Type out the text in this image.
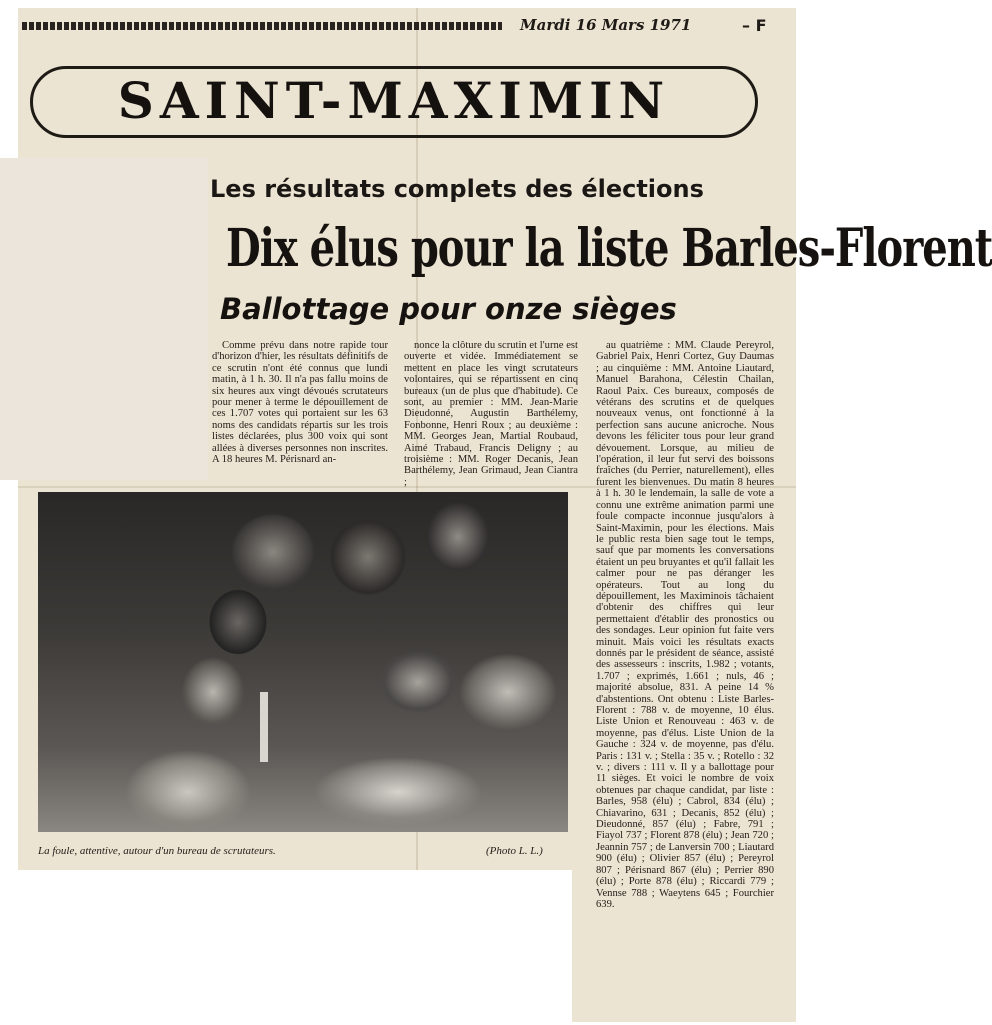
Mardi 16 Mars 1971	– F
SAINT-MAXIMIN
Les résultats complets des élections
Dix élus pour la liste Barles-Florent
Ballottage pour onze sièges

Comme prévu dans notre rapide tour d'horizon d'hier, les résultats définitifs de ce scrutin n'ont été connus que lundi matin, à 1 h. 30. Il n'a pas fallu moins de six heures aux vingt dévoués scrutateurs pour mener à terme le dépouillement de ces 1.707 votes qui portaient sur les 63 noms des candidats répartis sur les trois listes déclarées, plus 300 voix qui sont allées à diverses personnes non inscrites. A 18 heures M. Périsnard an-

nonce la clôture du scrutin et l'urne est ouverte et vidée. Immédiatement se mettent en place les vingt scrutateurs volontaires, qui se répartissent en cinq bureaux (un de plus que d'habitude). Ce sont, au premier : MM. Jean-Marie Dieudonné, Augustin Barthélemy, Fonbonne, Henri Roux ; au deuxième : MM. Georges Jean, Martial Roubaud, Aimé Trabaud, Francis Deligny ; au troisième : MM. Roger Decanis, Jean Barthélemy, Jean Grimaud, Jean Ciantra ;

au quatrième : MM. Claude Pereyrol, Gabriel Paix, Henri Cortez, Guy Daumas ; au cinquième : MM. Antoine Liautard, Manuel Barahona, Célestin Chailan, Raoul Paix. Ces bureaux, composés de vétérans des scrutins et de quelques nouveaux venus, ont fonctionné à la perfection sans aucune anicroche. Nous devons les féliciter tous pour leur grand dévouement. Lorsque, au milieu de l'opération, il leur fut servi des boissons fraîches (du Perrier, naturellement), elles furent les bienvenues. Du matin 8 heures à 1 h. 30 le lendemain, la salle de vote a connu une extrême animation parmi une foule compacte inconnue jusqu'alors à Saint-Maximin, pour les élections. Mais le public resta bien sage tout le temps, sauf que par moments les conversations étaient un peu bruyantes et qu'il fallait les calmer pour ne pas déranger les opérateurs. Tout au long du dépouillement, les Maximinois tâchaient d'obtenir des chiffres qui leur permettaient d'établir des pronostics ou des sondages. Leur opinion fut faite vers minuit. Mais voici les résultats exacts donnés par le président de séance, assisté des assesseurs : inscrits, 1.982 ; votants, 1.707 ; exprimés, 1.661 ; nuls, 46 ; majorité absolue, 831. A peine 14 % d'abstentions. Ont obtenu : Liste Barles-Florent : 788 v. de moyenne, 10 élus. Liste Union et Renouveau : 463 v. de moyenne, pas d'élus. Liste Union de la Gauche : 324 v. de moyenne, pas d'élu. Paris : 131 v. ; Stella : 35 v. ; Rotello : 32 v. ; divers : 111 v. Il y a ballottage pour 11 sièges. Et voici le nombre de voix obtenues par chaque candidat, par liste : Barles, 958 (élu) ; Cabrol, 834 (élu) ; Chiavarino, 631 ; Decanis, 852 (élu) ; Dieudonné, 857 (élu) ; Fabre, 791 ; Fiayol 737 ; Florent 878 (élu) ; Jean 720 ; Jeannin 757 ; de Lanversin 700 ; Liautard 900 (élu) ; Olivier 857 (élu) ; Pereyrol 807 ; Périsnard 867 (élu) ; Perrier 890 (élu) ; Porte 878 (élu) ; Riccardi 779 ; Vennse 788 ; Waeytens 645 ; Fourchier 639.

La foule, attentive, autour d'un bureau de scrutateurs.	(Photo L. L.)
